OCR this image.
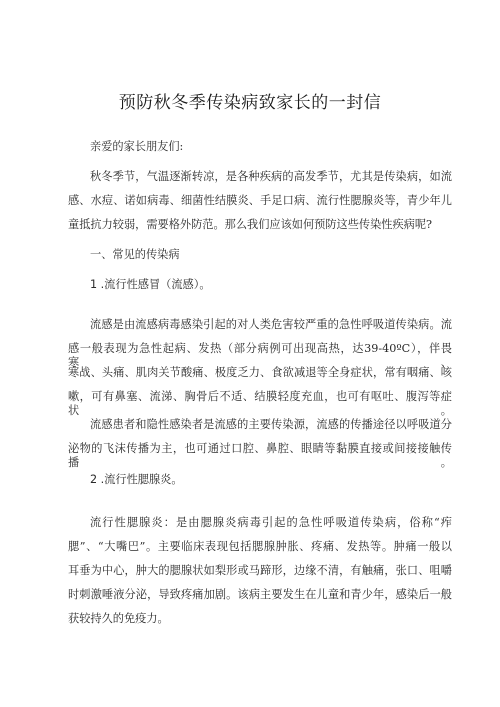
预防秋冬季传染病致家长的一封信
亲爱的家长朋友们:
秋冬季节，气温逐渐转凉，是各种疾病的高发季节，尤其是传染病，如流
感、水痘、诺如病毒、细菌性结膜炎、手足口病、流行性腮腺炎等，青少年儿
童抵抗力较弱，需要格外防范。那么我们应该如何预防这些传染性疾病呢?
一、常见的传染病
1 .流行性感冒（流感）。
流感是由流感病毒感染引起的对人类危害较严重的急性呼吸道传染病。流
感一般表现为急性起病、发热（部分病例可出现高热，达39-40ºC），伴畏寒、
寒战、头痛、肌肉关节酸痛、极度乏力、食欲减退等全身症状，常有咽痛、咳
嗽，可有鼻塞、流涕、胸骨后不适、结膜轻度充血，也可有呕吐、腹泻等症状。
流感患者和隐性感染者是流感的主要传染源，流感的传播途径以呼吸道分
泌物的飞沫传播为主，也可通过口腔、鼻腔、眼睛等黏膜直接或间接接触传播。
2 .流行性腮腺炎。
流行性腮腺炎：是由腮腺炎病毒引起的急性呼吸道传染病，俗称“痄
腮”、“大嘴巴”。主要临床表现包括腮腺肿胀、疼痛、发热等。肿痛一般以
耳垂为中心，肿大的腮腺状如梨形或马蹄形，边缘不清，有触痛，张口、咀嚼
时刺激唾液分泌，导致疼痛加剧。该病主要发生在儿童和青少年，感染后一般
获较持久的免疫力。
